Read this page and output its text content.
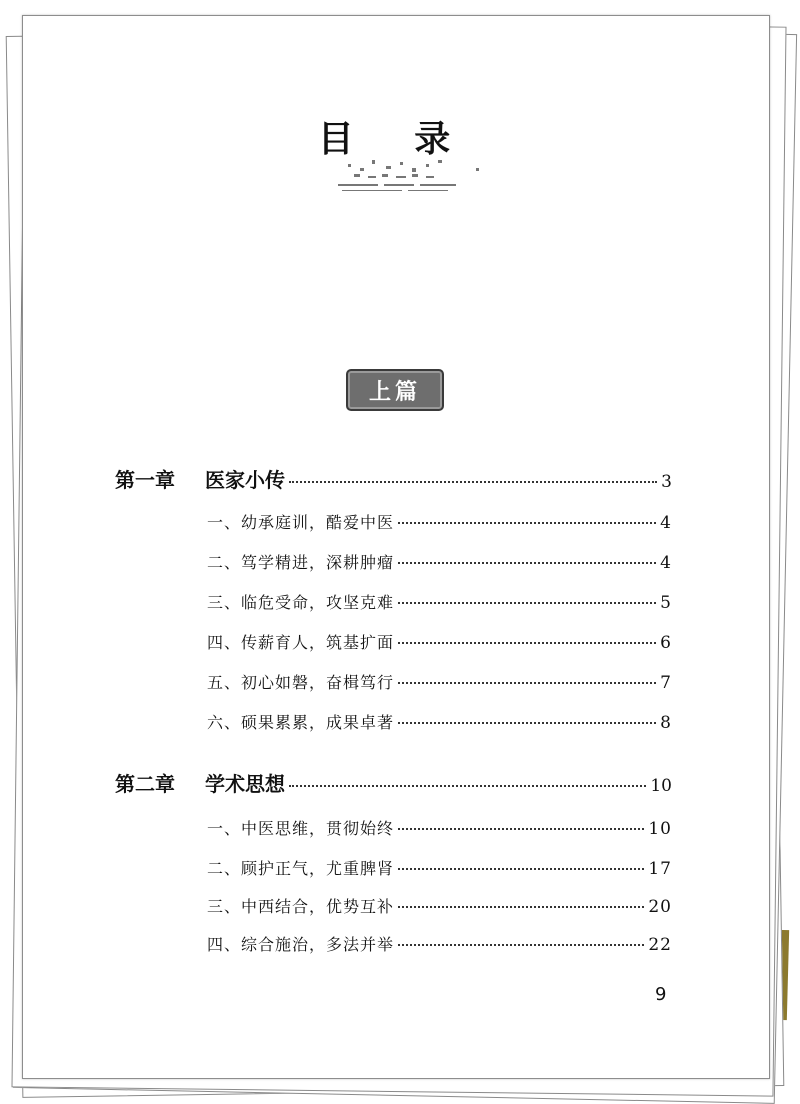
目 录
上篇
第一章	医家小传	3
一、幼承庭训，酷爱中医	4
二、笃学精进，深耕肿瘤	4
三、临危受命，攻坚克难	5
四、传薪育人，筑基扩面	6
五、初心如磐，奋楫笃行	7
六、硕果累累，成果卓著	8
第二章	学术思想	10
一、中医思维，贯彻始终	10
二、顾护正气，尤重脾肾	17
三、中西结合，优势互补	20
四、综合施治，多法并举	22
9
